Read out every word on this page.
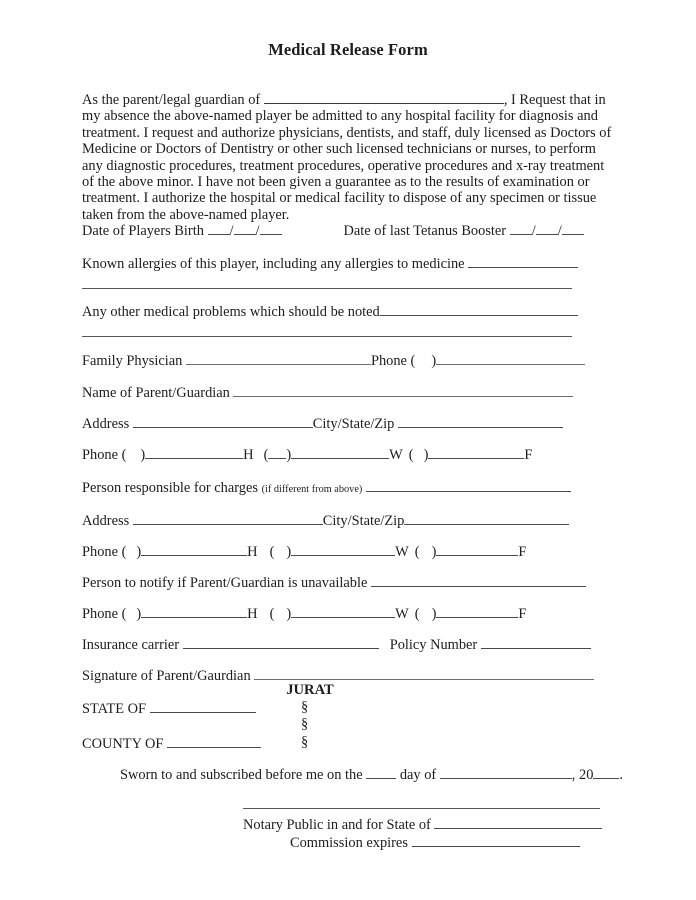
Medical Release Form
As the parent/legal guardian of	, I Request that in my absence the above-named player be admitted to any hospital facility for diagnosis and treatment. I request and authorize physicians, dentists, and staff, duly licensed as Doctors of Medicine or Doctors of Dentistry or other such licensed technicians or nurses, to perform any diagnostic procedures, treatment procedures, operative procedures and x-ray treatment of the above minor. I have not been given a guarantee as to the results of examination or treatment. I authorize the hospital or medical facility to dispose of any specimen or tissue taken from the above-named player.
Date of Players Birth / /	Date of last Tetanus Booster / /
Known allergies of this player, including any allergies to medicine
Any other medical problems which should be noted
Family Physician	Phone ( )
Name of Parent/Guardian
Address	City/State/Zip
Phone ( )	H ( )	W ( )	F
Person responsible for charges (if different from above)
Address	City/State/Zip
Phone ( )	H ( )	W ( )	F
Person to notify if Parent/Guardian is unavailable
Phone ( )	H ( )	W ( )	F
Insurance carrier	Policy Number
Signature of Parent/Gaurdian
JURAT
STATE OF
COUNTY OF
§
§
§
Sworn to and subscribed before me on the	day of	, 20 .
Notary Public in and for State of
Commission expires
